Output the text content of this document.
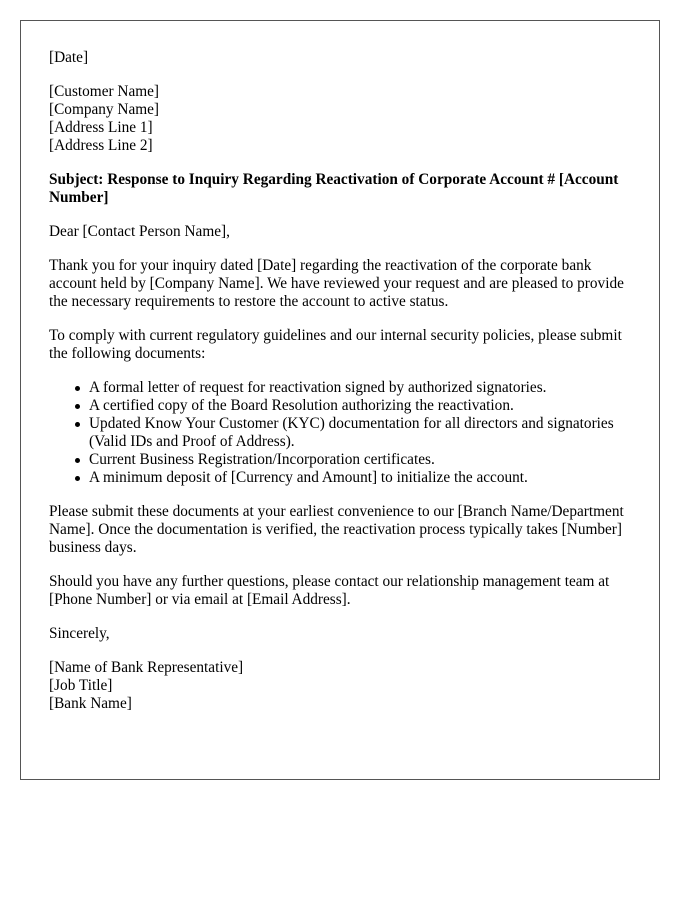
[Date]

[Customer Name]
[Company Name]
[Address Line 1]
[Address Line 2]

Subject: Response to Inquiry Regarding Reactivation of Corporate Account # [Account Number]

Dear [Contact Person Name],

Thank you for your inquiry dated [Date] regarding the reactivation of the corporate bank account held by [Company Name]. We have reviewed your request and are pleased to provide the necessary requirements to restore the account to active status.

To comply with current regulatory guidelines and our internal security policies, please submit the following documents:

A formal letter of request for reactivation signed by authorized signatories.
A certified copy of the Board Resolution authorizing the reactivation.
Updated Know Your Customer (KYC) documentation for all directors and signatories (Valid IDs and Proof of Address).
Current Business Registration/Incorporation certificates.
A minimum deposit of [Currency and Amount] to initialize the account.

Please submit these documents at your earliest convenience to our [Branch Name/Department Name]. Once the documentation is verified, the reactivation process typically takes [Number] business days.

Should you have any further questions, please contact our relationship management team at [Phone Number] or via email at [Email Address].

Sincerely,

[Name of Bank Representative]
[Job Title]
[Bank Name]
